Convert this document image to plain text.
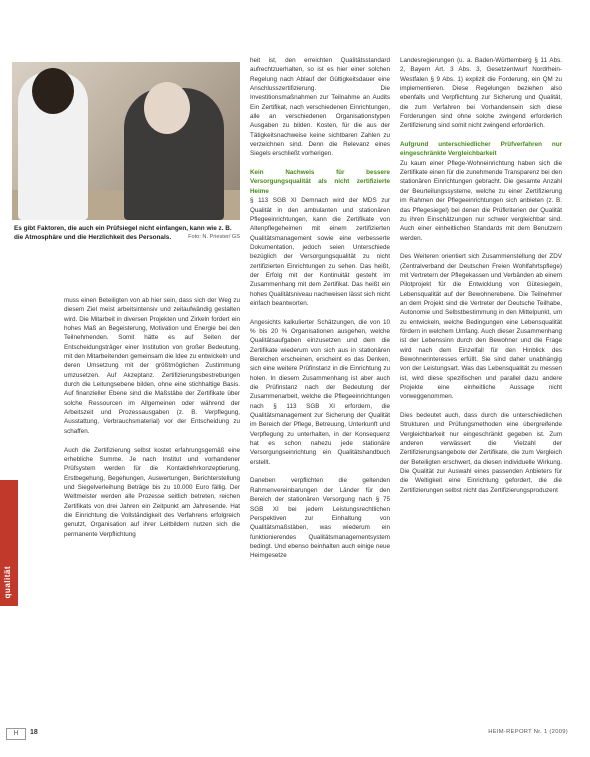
Es gibt Faktoren, die auch ein Prüfsiegel nicht einfangen, kann wie z. B. die Atmosphäre und die Herzlichkeit des Personals.	Foto: N. Priester/ GS
qualität

muss einen Beteiligten von ab hier sein, dass sich der Weg zu diesem Ziel meist arbeitsintensiv und zeitaufwändig gestalten wird. Die Mitarbeit in diversen Projekten und Zirkeln fordert ein hohes Maß an Begeisterung, Motivation und Energie bei den Teilnehmenden. Somit hätte es auf Seiten der Entscheidungsträger einer Institution von großer Bedeutung, mit den Mitarbeitenden gemeinsam die Idee zu entwickeln und deren Umsetzung mit der größtmöglichen Zustimmung umzusetzen. Auf Akzeptanz. Zertifizierungsbestrebungen durch die Leitungsebene bilden, ohne eine stichhaltige Basis. Auf finanzieller Ebene sind die Maßstäbe der Zertifikate über solche Ressourcen im Allgemeinen oder während der Arbeitszeit und Prozessausgaben (z. B. Verpflegung, Ausstattung, Verbrauchsmaterial) vor der Entscheidung zu schaffen.

Auch die Zertifizierung selbst kostet erfahrungsgemäß eine erhebliche Summe. Je nach Institut und vorhandener Prüfsystem werden für die Kontaktlehrkonzeptierung, Erstbegehung, Begehungen, Auswertungen, Berichterstellung und Siegelverleihung Beträge bis zu 10.000 Euro fällig. Der Weltmeister werden alle Prozesse seitlich betreten, reichen Zertifikats von drei Jahren ein Zeitpunkt am Jahresende. Hat die Einrichtung die Vollständigkeit des Verfahrens erfolgreich genutzt, Organisation auf ihrer Leitbildern nutzen sich die permanente Verpflichtung

heit ist, den erreichten Qualitätsstandard aufrechtzuerhalten, so ist es hier einer solchen Regelung nach Ablauf der Gültigkeitsdauer eine Anschlusszertifizierung. Die Investitionsmaßnahmen zur Teilnahme an Audits Ein Zertifikat, nach verschiedenen Einrichtungen, alle an verschiedenen Organisationstypen Ausgaben zu bilden. Kosten, für die aus der Tätigkeitsnachweise keine sichtbaren Zahlen zu verzeichnen sind. Denn die Relevanz eines Siegels erschließt vorherigen.

Kein Nachweis für bessere Versorgungsqualität als nicht zertifizierte Heime

§ 113 SGB XI Demnach wird der MDS zur Qualität in den ambulanten und stationären Pflegeeinrichtungen, kann die Zertifikate von Altenpflegeheimen mit einem zertifizierten Qualitätsmanagement sowie eine verbesserte Dokumentation, jedoch seien Unterschiede bezüglich der Versorgungsqualität zu nicht zertifizierten Einrichtungen zu sehen. Das heißt, der Erfolg mit der Kontinuität gesteht im Zusammenhang mit dem Zertifikat. Das heißt ein hohes Qualitätsniveau nachweisen lässt sich nicht einfach beantworten.

Angesichts kalkulierter Schätzungen, die von 10 % bis 20 % Organisationen ausgehen, welche Qualitätsaufgaben einzusetzen und dem die Zertifikate wiederum von sich aus in stationären Bereichen erscheinen, erscheint es das Denken, sich eine weitere Prüfinstanz in die Einrichtung zu holen. In diesem Zusammenhang ist aber auch die Prüfinstanz nach der Bedeutung der Zusammenarbeit, welche die Pflegeeinrichtungen nach § 113 SGB XI erfordern, die Qualitätsmanagement zur Sicherung der Qualität im Bereich der Pflege, Betreuung, Unterkunft und Verpflegung zu unterhalten, in der Konsequenz hat es schon nahezu jede stationäre Versorgungseinrichtung ein Qualitätshandbuch erstellt.

Daneben verpflichten die geltenden Rahmenvereinbarungen der Länder für den Bereich der stationären Versorgung nach § 75 SGB XI bei jedem Leistungsrechtlichen Perspektiven zur Einhaltung von Qualitätsmaßstäben, was wiederum ein funktionierendes Qualitätsmanagementsystem bedingt. Und ebenso beinhalten auch einige neue Heimgesetze

Landesregierungen (u. a. Baden-Württemberg § 11 Abs. 2, Bayern Art. 3 Abs. 3, Gesetzentwurf Nordrhein-Westfalen § 9 Abs. 1) explizit die Forderung, ein QM zu implementieren. Diese Regelungen beziehen also ebenfalls und Verpflichtung zur Sicherung und Qualität, die zum Verfahren bei Vorhandensein sich diese Forderungen sind ohne solche zwingend erforderlich Zertifizierung sind somit nicht zwingend erforderlich.

Aufgrund unterschiedlicher Prüfverfahren nur eingeschränkte Vergleichbarkeit

Zu kaum einer Pflege-Wohneinrichtung haben sich die Zertifikate einen für die zunehmende Transparenz bei den stationären Einrichtungen gebracht. Die gesamte Anzahl der Beurteilungssysteme, welche zu einer Zertifizierung im Rahmen der Pflegeeinrichtungen sich anbieten (z. B. das Pflegesiegel) bei denen die Prüfkriterien der Qualität zu ihren Einschätzungen nur schwer vergleichbar sind. Auch einer einheitlichen Standards mit dem Benutzern werden.

Des Weiteren orientiert sich Zusammenstellung der ZDV (Zentralverband der Deutschen Freien Wohlfahrtspflege) mit Vertretern der Pflegekassen und Verbänden ab einem Pilotprojekt für die Entwicklung von Gütesiegeln, Lebensqualität auf der Bewohnerebene. Die Teilnehmer an dem Projekt sind die Vertreter der Deutsche Teilhabe, Autonomie und Selbstbestimmung in den Mittelpunkt, um zu entwickeln, welche Bedingungen eine Lebensqualität fördern in welchem Umfang. Auch dieser Zusammenhang ist der Lebenssinn durch den Bewohner und die Frage wird nach dem Einzelfall für den Hinblick des Bewohnerinteresses erfüllt. Sie sind daher unabhängig von der Leistungsart. Was das Lebensqualität zu messen ist, wird diese spezifischen und parallel dazu andere Projekte eine einheitliche Aussage nicht vorweggenommen.

Dies bedeutet auch, dass durch die unterschiedlichen Strukturen und Prüfungsmethoden eine übergreifende Vergleichbarkeit nur eingeschränkt gegeben ist. Zum anderen verwässert die Vielzahl der Zertifizierungsangebote der Zertifikate, die zum Vergleich der Beteiligten erschwert, da diesen individuelle Wirkung. Die Qualität zur Auswahl eines passenden Anbieters für die Weltigkeit eine Einrichtung gefordert, die die Zertifizierungen selbst nicht das Zertifizierungsproduzent

H	18	HEIM-REPORT Nr. 1 (2009)
